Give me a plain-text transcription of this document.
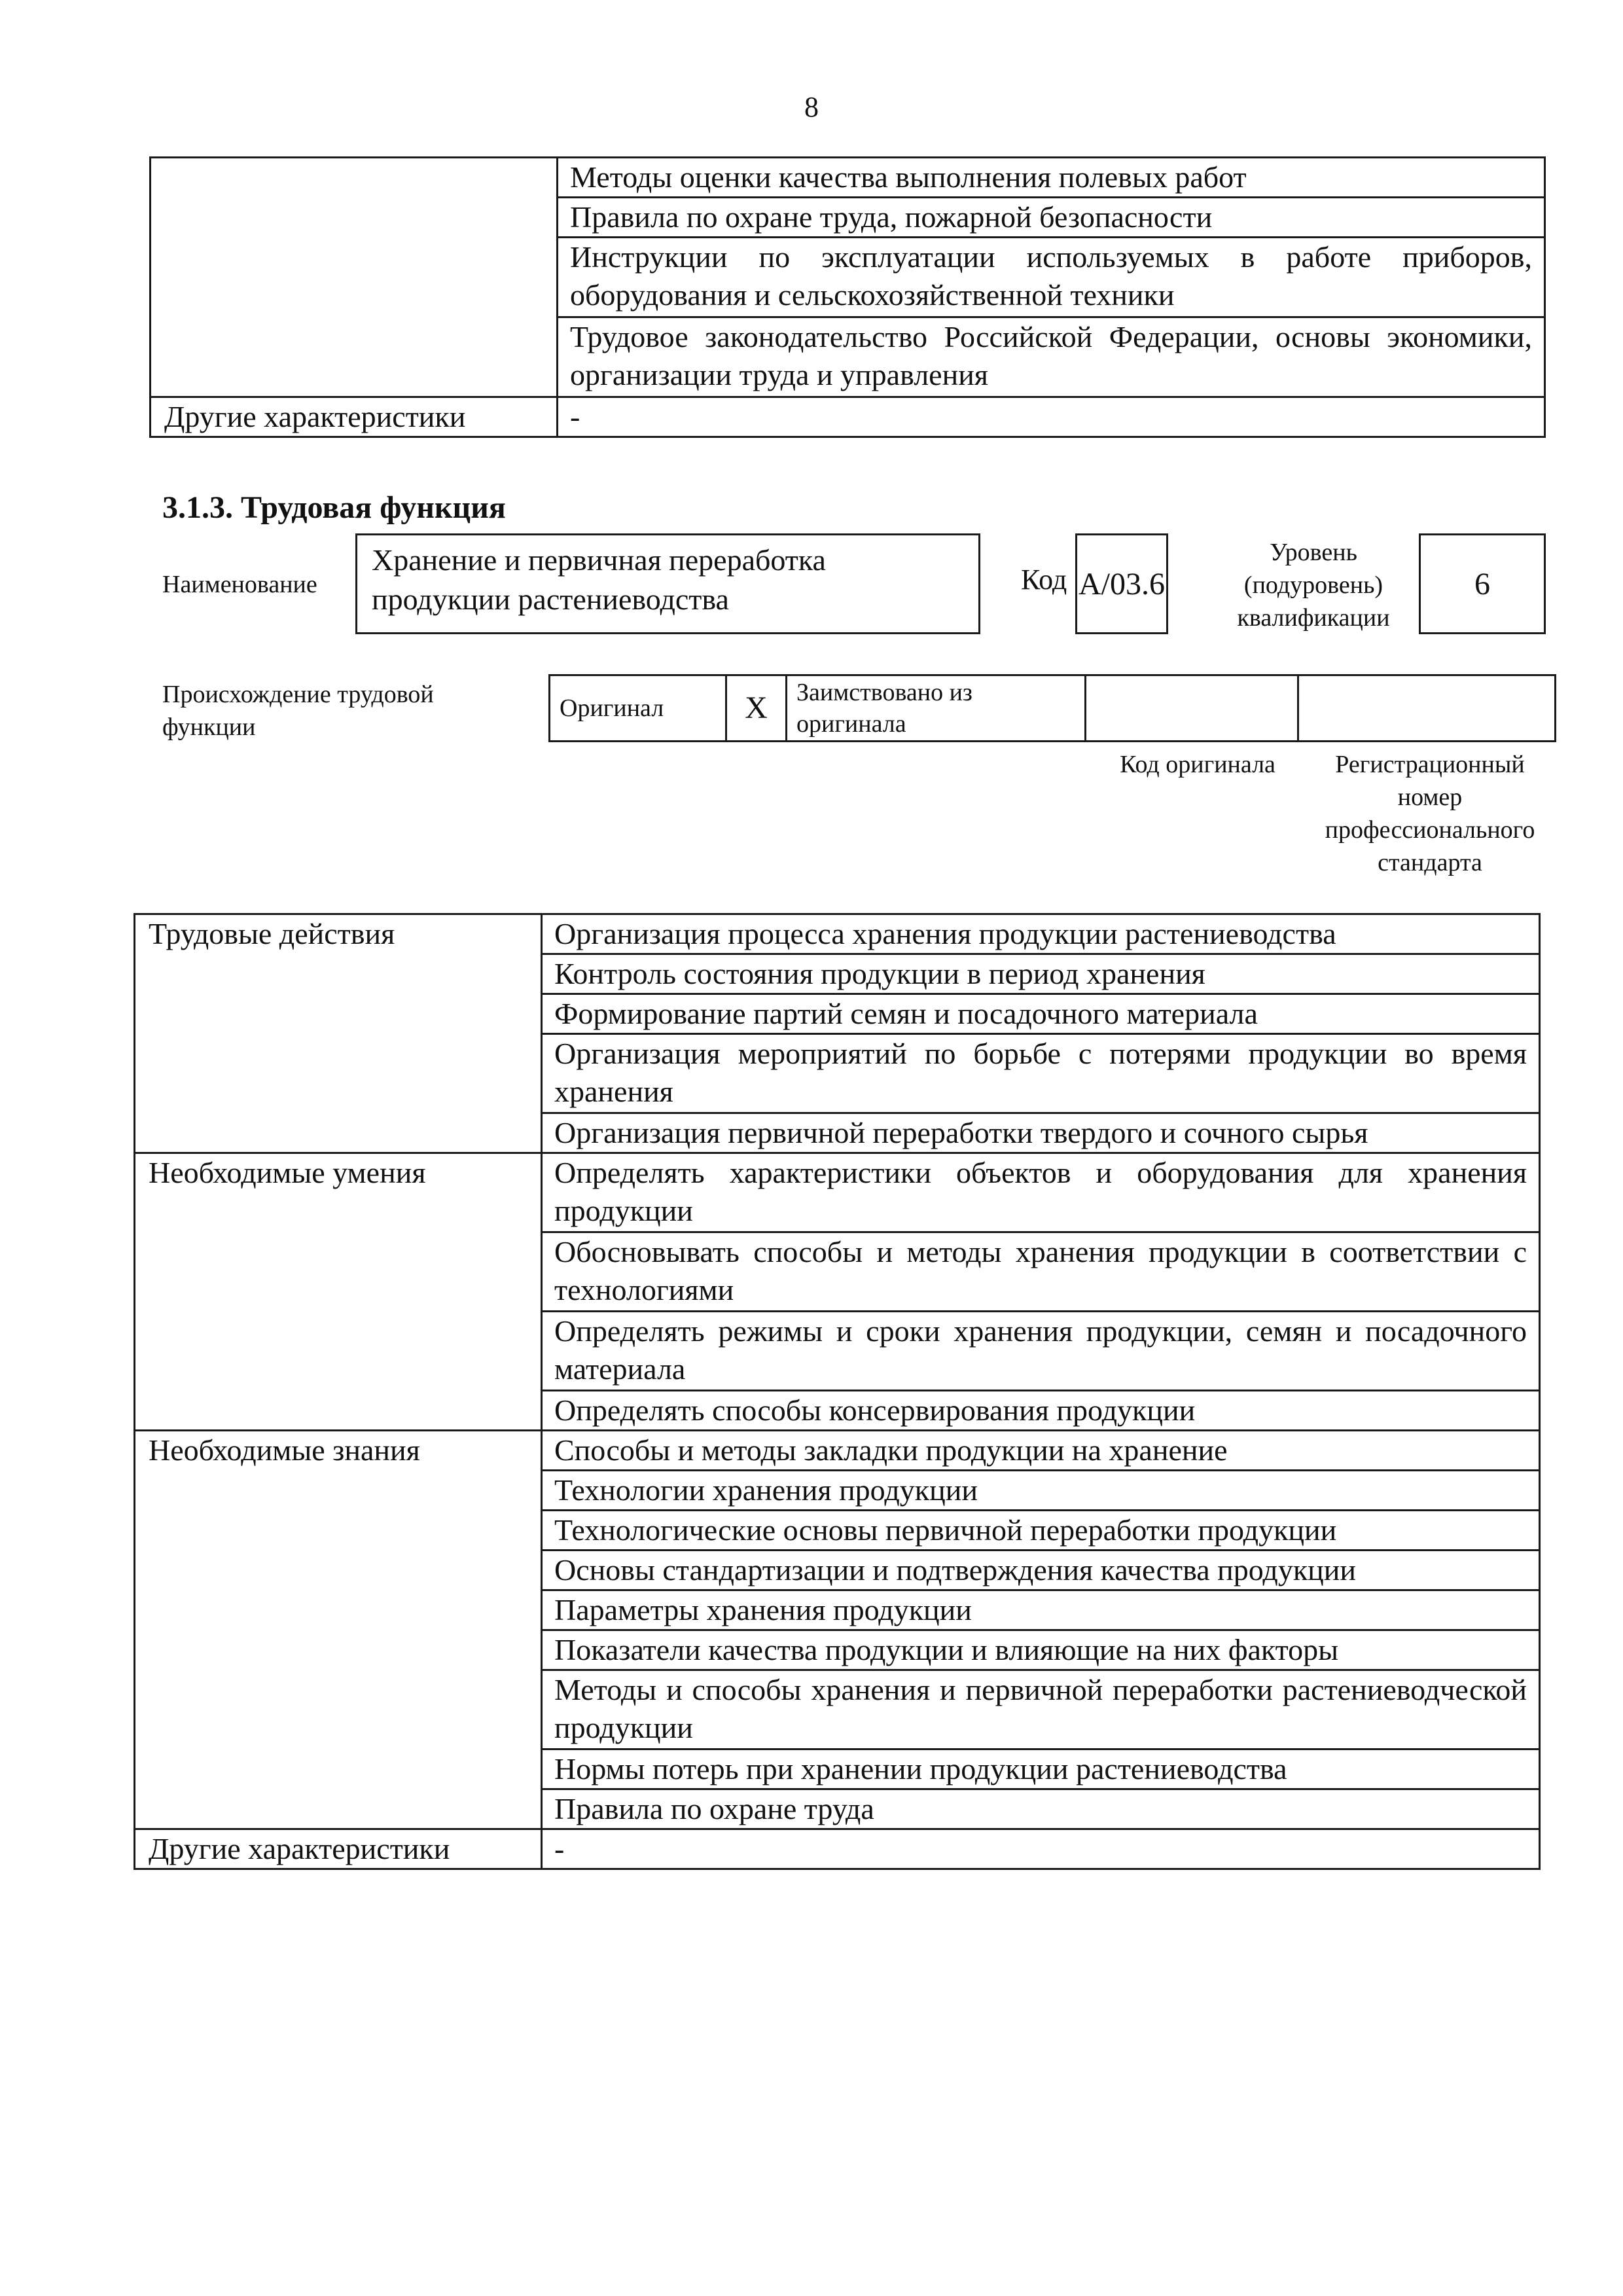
8
	Методы оценки качества выполнения полевых работ
	Правила по охране труда, пожарной безопасности
	Инструкции по эксплуатации используемых в работе приборов, оборудования и сельскохозяйственной техники
	Трудовое законодательство Российской Федерации, основы экономики, организации труда и управления
Другие характеристики	-
3.1.3. Трудовая функция
Наименование
Хранение и первичная переработка продукции растениеводства
Код А/03.6
Уровень (подуровень) квалификации
6
Происхождение трудовой функции
Оригинал	X	Заимствовано из оригинала		
Код оригинала	Регистрационный номер профессионального стандарта
Трудовые действия	Организация процесса хранения продукции растениеводства
	Контроль состояния продукции в период хранения
	Формирование партий семян и посадочного материала
	Организация мероприятий по борьбе с потерями продукции во время хранения
	Организация первичной переработки твердого и сочного сырья
Необходимые умения	Определять характеристики объектов и оборудования для хранения продукции
	Обосновывать способы и методы хранения продукции в соответствии с технологиями
	Определять режимы и сроки хранения продукции, семян и посадочного материала
	Определять способы консервирования продукции
Необходимые знания	Способы и методы закладки продукции на хранение
	Технологии хранения продукции
	Технологические основы первичной переработки продукции
	Основы стандартизации и подтверждения качества продукции
	Параметры хранения продукции
	Показатели качества продукции и влияющие на них факторы
	Методы и способы хранения и первичной переработки растениеводческой продукции
	Нормы потерь при хранении продукции растениеводства
	Правила по охране труда
Другие характеристики	-
